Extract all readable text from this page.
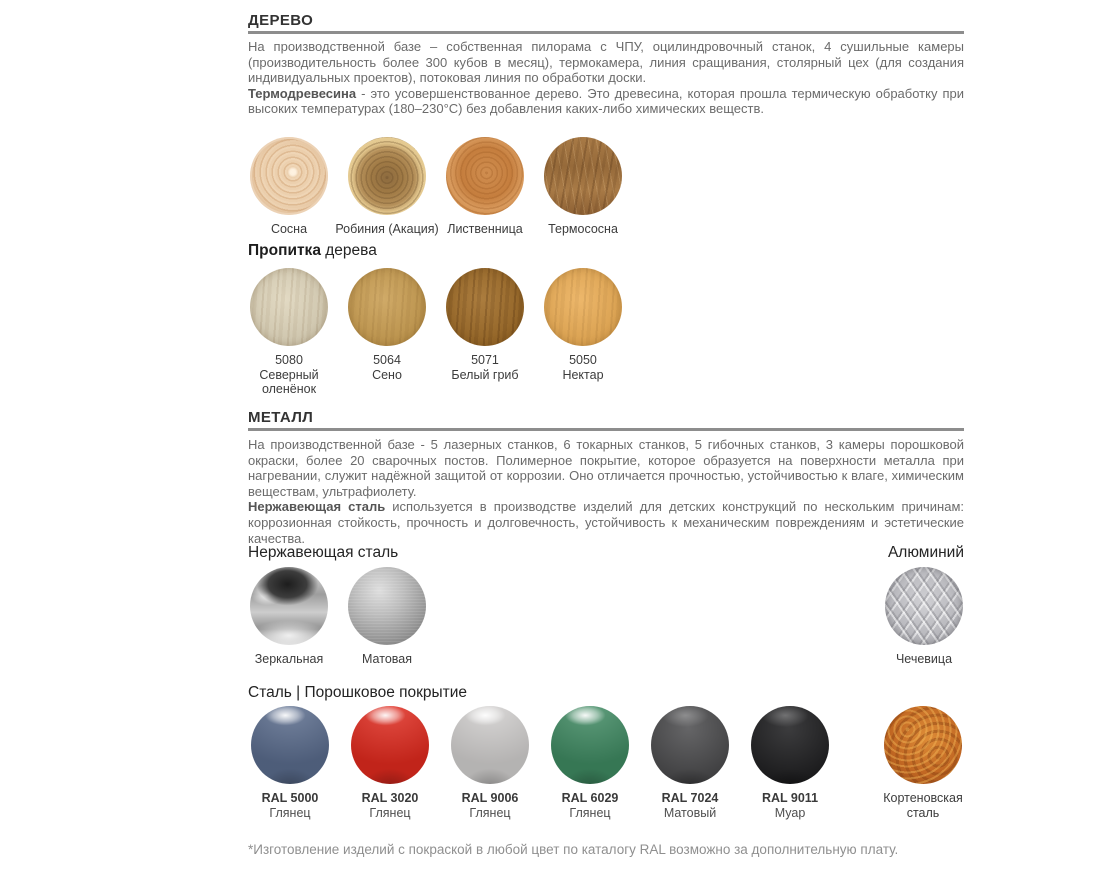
ДЕРЕВО

На производственной базе – собственная пилорама с ЧПУ, оцилиндровочный станок, 4 сушильные камеры (производительность более 300 кубов в месяц), термокамера, линия сращивания, столярный цех (для создания индивидуальных проектов), потоковая линия по обработки доски.

Термодревесина - это усовершенствованное дерево. Это древесина, которая прошла термическую обработку при высоких температурах (180–230°С) без добавления каких-либо химических веществ.

Сосна Робиния (Акация) Лиственница Термососна
Пропитка дерева
5080
Северный оленёнок
5064
Сено
5071
Белый гриб
5050
Нектар
МЕТАЛЛ

На производственной базе - 5 лазерных станков, 6 токарных станков, 5 гибочных станков, 3 камеры порошковой окраски, более 20 сварочных постов. Полимерное покрытие, которое образуется на поверхности металла при нагревании, служит надёжной защитой от коррозии. Оно отличается прочностью, устойчивостью к влаге, химическим веществам, ультрафиолету.

Нержавеющая сталь используется в производстве изделий для детских конструкций по нескольким причинам: коррозионная стойкость, прочность и долговечность, устойчивость к механическим повреждениям и эстетические качества.

Нержавеющая сталь	Алюминий
Зеркальная	Матовая	Чечевица
Сталь | Порошковое покрытие
RAL 5000
Глянец
RAL 3020
Глянец
RAL 9006
Глянец
RAL 6029
Глянец
RAL 7024
Матовый
RAL 9011
Муар
Кортеновская сталь
*Изготовление изделий с покраской в любой цвет по каталогу RAL возможно за дополнительную плату.
